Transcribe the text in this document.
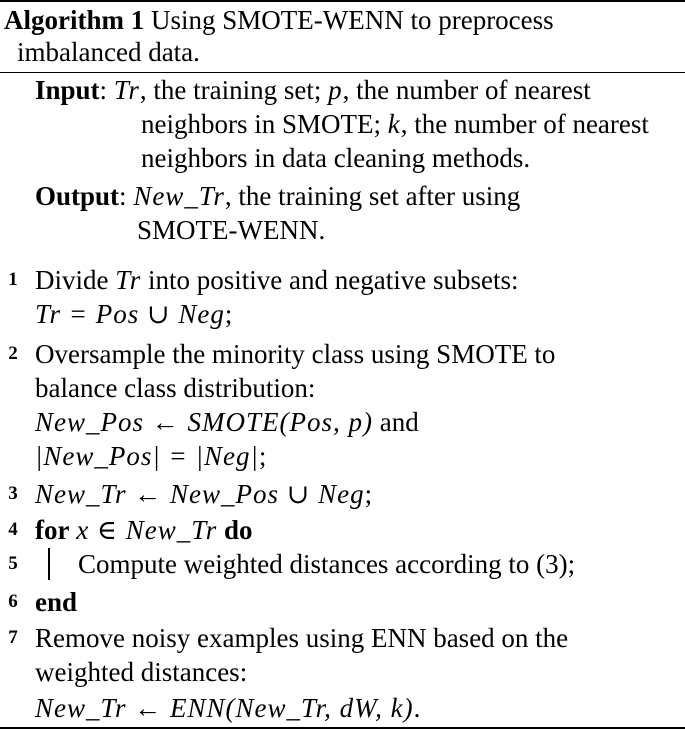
Algorithm 1 Using SMOTE-WENN to preprocess
imbalanced data.
Input: Tr, the training set; p, the number of nearest
neighbors in SMOTE; k, the number of nearest
neighbors in data cleaning methods.
Output: New_Tr, the training set after using
SMOTE-WENN.
1 Divide Tr into positive and negative subsets:
Tr = Pos ∪ Neg;
2 Oversample the minority class using SMOTE to
balance class distribution:
New_Pos ← SMOTE(Pos, p) and
|New_Pos| = |Neg|;
3 New_Tr ← New_Pos ∪ Neg;
4 for x ∈ New_Tr do
5 Compute weighted distances according to (3);
6 end
7 Remove noisy examples using ENN based on the
weighted distances:
New_Tr ← ENN(New_Tr, dW, k).
